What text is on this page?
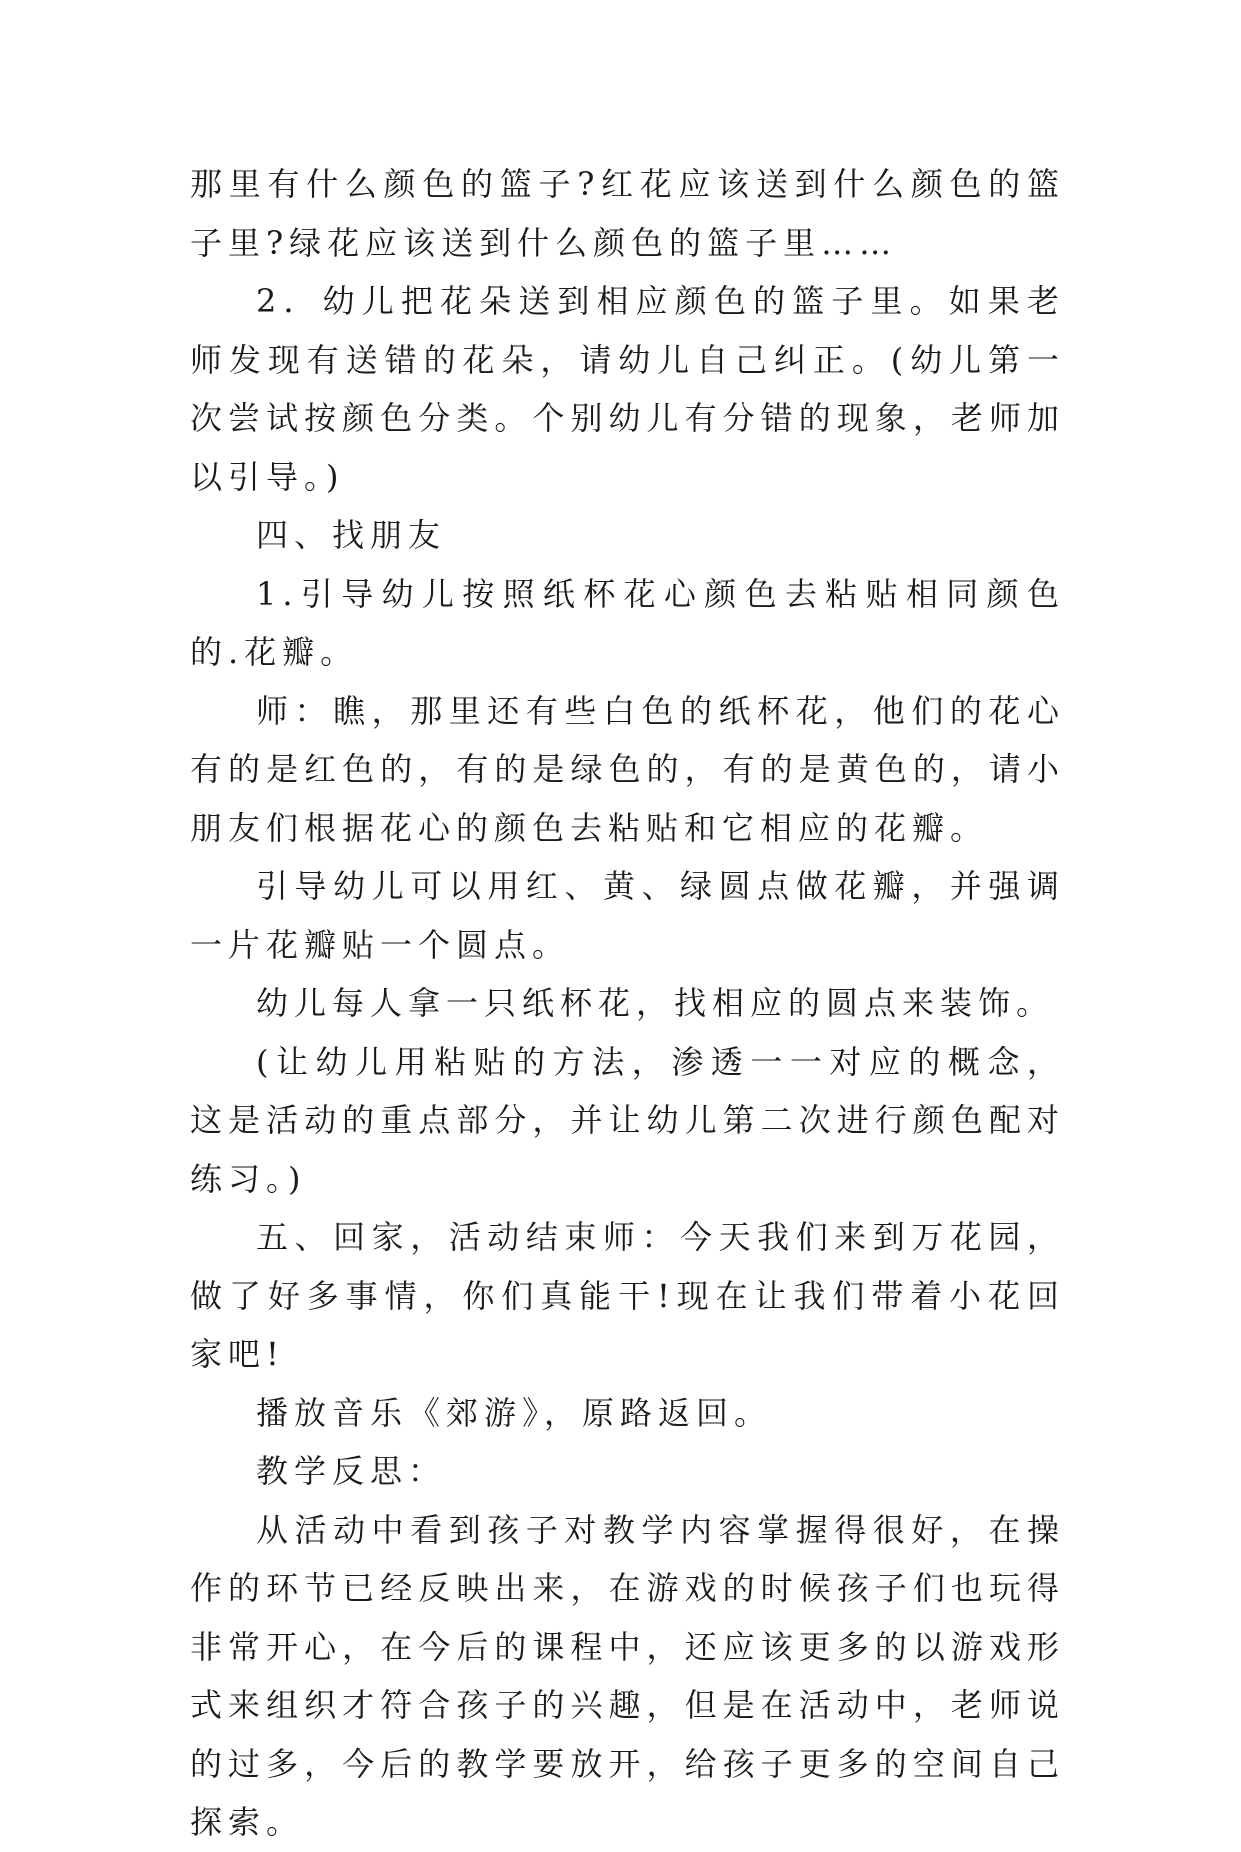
那里有什么颜色的篮子?红花应该送到什么颜色的篮子里?绿花应该送到什么颜色的篮子里……

2．幼儿把花朵送到相应颜色的篮子里。如果老师发现有送错的花朵，请幼儿自己纠正。(幼儿第一次尝试按颜色分类。个别幼儿有分错的现象，老师加以引导。)

四、找朋友

1.引导幼儿按照纸杯花心颜色去粘贴相同颜色的.花瓣。

师：瞧，那里还有些白色的纸杯花，他们的花心有的是红色的，有的是绿色的，有的是黄色的，请小朋友们根据花心的颜色去粘贴和它相应的花瓣。

引导幼儿可以用红、黄、绿圆点做花瓣，并强调一片花瓣贴一个圆点。

幼儿每人拿一只纸杯花，找相应的圆点来装饰。

(让幼儿用粘贴的方法，渗透一一对应的概念，这是活动的重点部分，并让幼儿第二次进行颜色配对练习。)

五、回家，活动结束师：今天我们来到万花园，做了好多事情，你们真能干!现在让我们带着小花回家吧!

播放音乐《郊游》，原路返回。

教学反思：

从活动中看到孩子对教学内容掌握得很好，在操作的环节已经反映出来，在游戏的时候孩子们也玩得非常开心，在今后的课程中，还应该更多的以游戏形式来组织才符合孩子的兴趣，但是在活动中，老师说的过多，今后的教学要放开，给孩子更多的空间自己探索。
